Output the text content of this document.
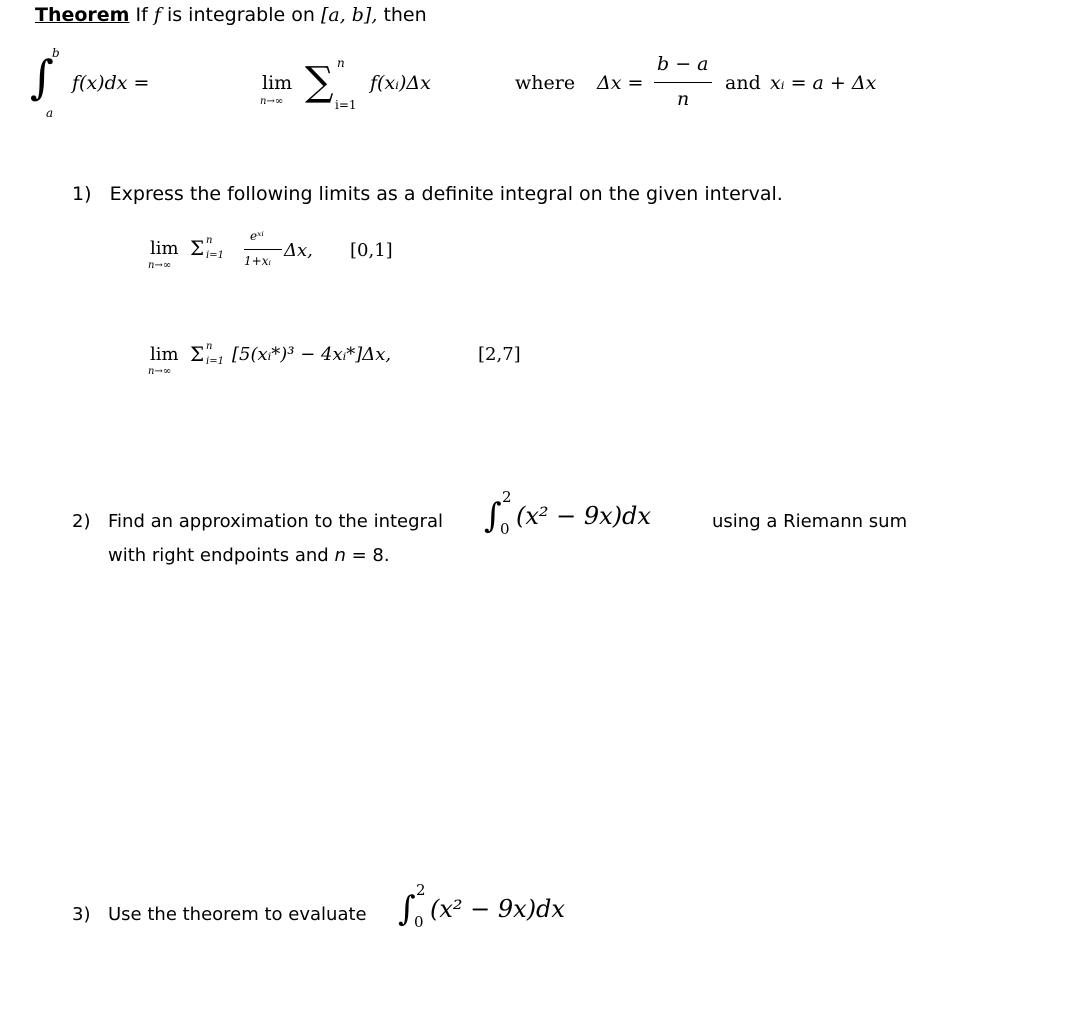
Theorem If f is integrable on [a, b], then
∫
b
a
f(x)dx =	lim
n→∞ ∑ n
i=1
f(xᵢ)Δx	where Δx =
b − a
n
and xᵢ = a + Δx
1) Express the following limits as a definite integral on the given interval.
lim
n→∞
Σ n
i=1
eˣⁱ
1+xᵢ Δx, [0,1]
lim
n→∞
Σ n
i=1 [5(xᵢ*)³ − 4xᵢ*]Δx,	[2,7]
2) Find an approximation to the integral ∫ 2
0 (x² − 9x)dx	using a Riemann sum
with right endpoints and n = 8.
3) Use the theorem to evaluate ∫ 2
0 (x² − 9x)dx
